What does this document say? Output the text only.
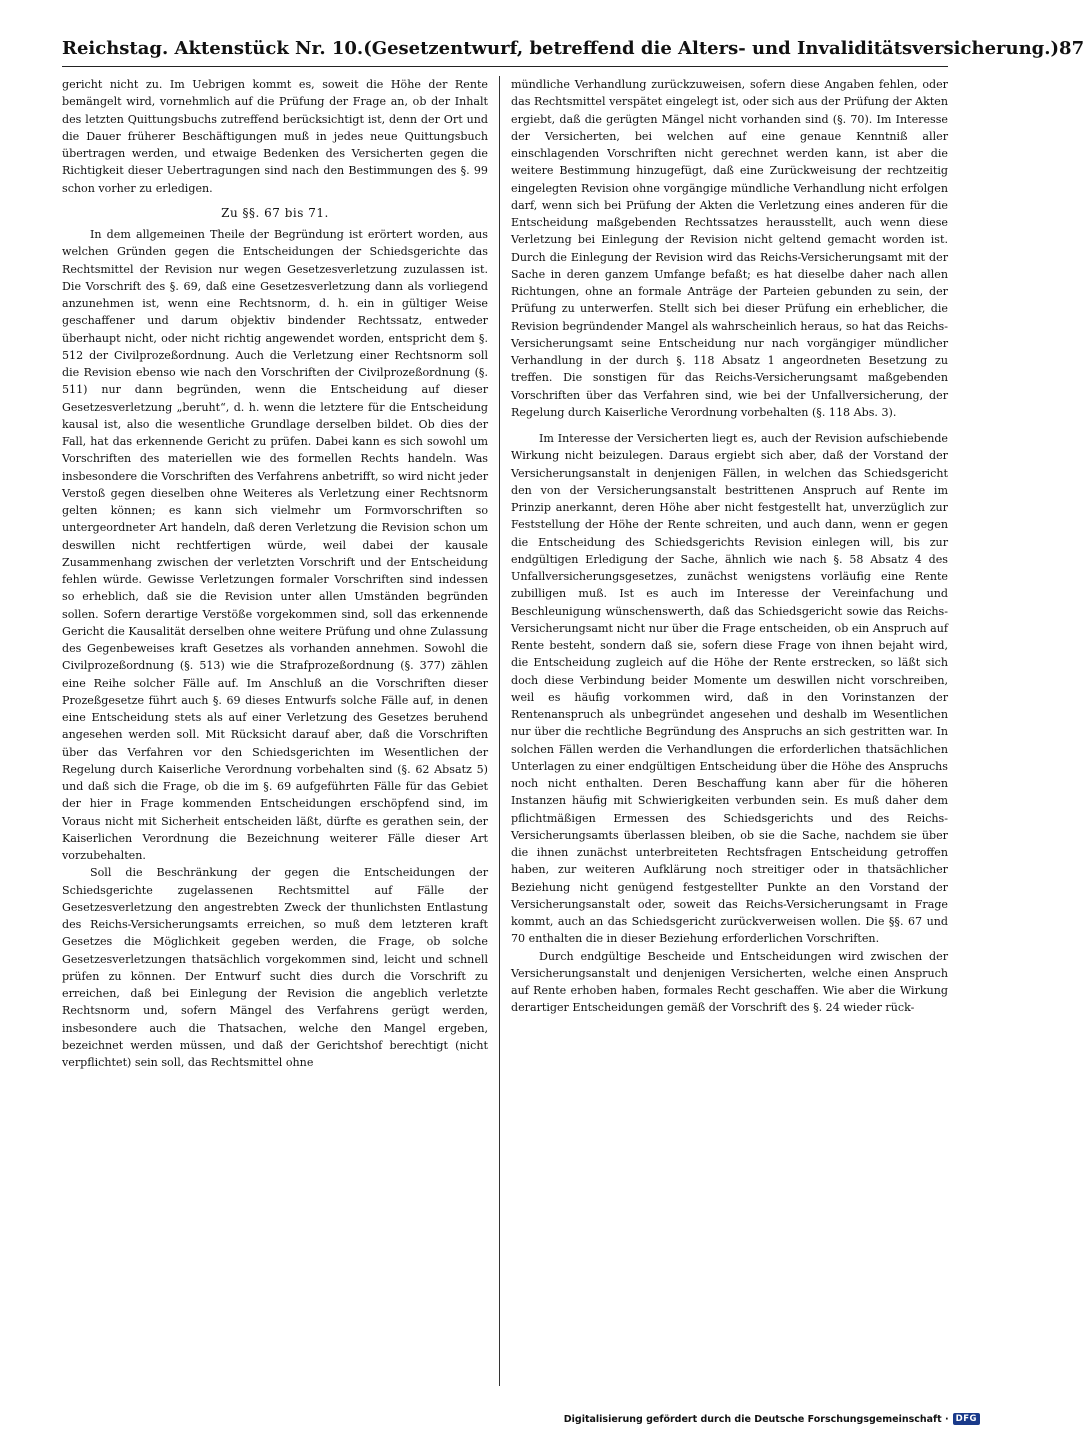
Reichstag. Aktenstück Nr. 10. (Gesetzentwurf, betreffend die Alters- und Invaliditätsversicherung.) 87

gericht nicht zu. Im Uebrigen kommt es, soweit die Höhe der Rente bemängelt wird, vornehmlich auf die Prüfung der Frage an, ob der Inhalt des letzten Quittungsbuchs zutreffend berücksichtigt ist, denn der Ort und die Dauer früherer Beschäftigungen muß in jedes neue Quittungsbuch übertragen werden, und etwaige Bedenken des Versicherten gegen die Richtigkeit dieser Uebertragungen sind nach den Bestimmungen des §. 99 schon vorher zu erledigen.

Zu §§. 67 bis 71.

In dem allgemeinen Theile der Begründung ist erörtert worden, aus welchen Gründen gegen die Entscheidungen der Schiedsgerichte das Rechtsmittel der Revision nur wegen Gesetzesverletzung zuzulassen ist. Die Vorschrift des §. 69, daß eine Gesetzesverletzung dann als vorliegend anzunehmen ist, wenn eine Rechtsnorm, d. h. ein in gültiger Weise geschaffener und darum objektiv bindender Rechtssatz, entweder überhaupt nicht, oder nicht richtig angewendet worden, entspricht dem §. 512 der Civilprozeßordnung. Auch die Verletzung einer Rechtsnorm soll die Revision ebenso wie nach den Vorschriften der Civilprozeßordnung (§. 511) nur dann begründen, wenn die Entscheidung auf dieser Gesetzesverletzung „beruht“, d. h. wenn die letztere für die Entscheidung kausal ist, also die wesentliche Grundlage derselben bildet. Ob dies der Fall, hat das erkennende Gericht zu prüfen. Dabei kann es sich sowohl um Vorschriften des materiellen wie des formellen Rechts handeln. Was insbesondere die Vorschriften des Verfahrens anbetrifft, so wird nicht jeder Verstoß gegen dieselben ohne Weiteres als Verletzung einer Rechtsnorm gelten können; es kann sich vielmehr um Formvorschriften so untergeordneter Art handeln, daß deren Verletzung die Revision schon um deswillen nicht rechtfertigen würde, weil dabei der kausale Zusammenhang zwischen der verletzten Vorschrift und der Entscheidung fehlen würde. Gewisse Verletzungen formaler Vorschriften sind indessen so erheblich, daß sie die Revision unter allen Umständen begründen sollen. Sofern derartige Verstöße vorgekommen sind, soll das erkennende Gericht die Kausalität derselben ohne weitere Prüfung und ohne Zulassung des Gegenbeweises kraft Gesetzes als vorhanden annehmen. Sowohl die Civilprozeßordnung (§. 513) wie die Strafprozeßordnung (§. 377) zählen eine Reihe solcher Fälle auf. Im Anschluß an die Vorschriften dieser Prozeßgesetze führt auch §. 69 dieses Entwurfs solche Fälle auf, in denen eine Entscheidung stets als auf einer Verletzung des Gesetzes beruhend angesehen werden soll. Mit Rücksicht darauf aber, daß die Vorschriften über das Verfahren vor den Schiedsgerichten im Wesentlichen der Regelung durch Kaiserliche Verordnung vorbehalten sind (§. 62 Absatz 5) und daß sich die Frage, ob die im §. 69 aufgeführten Fälle für das Gebiet der hier in Frage kommenden Entscheidungen erschöpfend sind, im Voraus nicht mit Sicherheit entscheiden läßt, dürfte es gerathen sein, der Kaiserlichen Verordnung die Bezeichnung weiterer Fälle dieser Art vorzubehalten.

Soll die Beschränkung der gegen die Entscheidungen der Schiedsgerichte zugelassenen Rechtsmittel auf Fälle der Gesetzesverletzung den angestrebten Zweck der thunlichsten Entlastung des Reichs-Versicherungsamts erreichen, so muß dem letzteren kraft Gesetzes die Möglichkeit gegeben werden, die Frage, ob solche Gesetzesverletzungen thatsächlich vorgekommen sind, leicht und schnell prüfen zu können. Der Entwurf sucht dies durch die Vorschrift zu erreichen, daß bei Einlegung der Revision die angeblich verletzte Rechtsnorm und, sofern Mängel des Verfahrens gerügt werden, insbesondere auch die Thatsachen, welche den Mangel ergeben, bezeichnet werden müssen, und daß der Gerichtshof berechtigt (nicht verpflichtet) sein soll, das Rechtsmittel ohne

mündliche Verhandlung zurückzuweisen, sofern diese Angaben fehlen, oder das Rechtsmittel verspätet eingelegt ist, oder sich aus der Prüfung der Akten ergiebt, daß die gerügten Mängel nicht vorhanden sind (§. 70). Im Interesse der Versicherten, bei welchen auf eine genaue Kenntniß aller einschlagenden Vorschriften nicht gerechnet werden kann, ist aber die weitere Bestimmung hinzugefügt, daß eine Zurückweisung der rechtzeitig eingelegten Revision ohne vorgängige mündliche Verhandlung nicht erfolgen darf, wenn sich bei Prüfung der Akten die Verletzung eines anderen für die Entscheidung maßgebenden Rechtssatzes herausstellt, auch wenn diese Verletzung bei Einlegung der Revision nicht geltend gemacht worden ist. Durch die Einlegung der Revision wird das Reichs-Versicherungsamt mit der Sache in deren ganzem Umfange befaßt; es hat dieselbe daher nach allen Richtungen, ohne an formale Anträge der Parteien gebunden zu sein, der Prüfung zu unterwerfen. Stellt sich bei dieser Prüfung ein erheblicher, die Revision begründender Mangel als wahrscheinlich heraus, so hat das Reichs-Versicherungsamt seine Entscheidung nur nach vorgängiger mündlicher Verhandlung in der durch §. 118 Absatz 1 angeordneten Besetzung zu treffen. Die sonstigen für das Reichs-Versicherungsamt maßgebenden Vorschriften über das Verfahren sind, wie bei der Unfallversicherung, der Regelung durch Kaiserliche Verordnung vorbehalten (§. 118 Abs. 3).

Im Interesse der Versicherten liegt es, auch der Revision aufschiebende Wirkung nicht beizulegen. Daraus ergiebt sich aber, daß der Vorstand der Versicherungsanstalt in denjenigen Fällen, in welchen das Schiedsgericht den von der Versicherungsanstalt bestrittenen Anspruch auf Rente im Prinzip anerkannt, deren Höhe aber nicht festgestellt hat, unverzüglich zur Feststellung der Höhe der Rente schreiten, und auch dann, wenn er gegen die Entscheidung des Schiedsgerichts Revision einlegen will, bis zur endgültigen Erledigung der Sache, ähnlich wie nach §. 58 Absatz 4 des Unfallversicherungsgesetzes, zunächst wenigstens vorläufig eine Rente zubilligen muß. Ist es auch im Interesse der Vereinfachung und Beschleunigung wünschenswerth, daß das Schiedsgericht sowie das Reichs-Versicherungsamt nicht nur über die Frage entscheiden, ob ein Anspruch auf Rente besteht, sondern daß sie, sofern diese Frage von ihnen bejaht wird, die Entscheidung zugleich auf die Höhe der Rente erstrecken, so läßt sich doch diese Verbindung beider Momente um deswillen nicht vorschreiben, weil es häufig vorkommen wird, daß in den Vorinstanzen der Rentenanspruch als unbegründet angesehen und deshalb im Wesentlichen nur über die rechtliche Begründung des Anspruchs an sich gestritten war. In solchen Fällen werden die Verhandlungen die erforderlichen thatsächlichen Unterlagen zu einer endgültigen Entscheidung über die Höhe des Anspruchs noch nicht enthalten. Deren Beschaffung kann aber für die höheren Instanzen häufig mit Schwierigkeiten verbunden sein. Es muß daher dem pflichtmäßigen Ermessen des Schiedsgerichts und des Reichs-Versicherungsamts überlassen bleiben, ob sie die Sache, nachdem sie über die ihnen zunächst unterbreiteten Rechtsfragen Entscheidung getroffen haben, zur weiteren Aufklärung noch streitiger oder in thatsächlicher Beziehung nicht genügend festgestellter Punkte an den Vorstand der Versicherungsanstalt oder, soweit das Reichs-Versicherungsamt in Frage kommt, auch an das Schiedsgericht zurückverweisen wollen. Die §§. 67 und 70 enthalten die in dieser Beziehung erforderlichen Vorschriften.

Durch endgültige Bescheide und Entscheidungen wird zwischen der Versicherungsanstalt und denjenigen Versicherten, welche einen Anspruch auf Rente erhoben haben, formales Recht geschaffen. Wie aber die Wirkung derartiger Entscheidungen gemäß der Vorschrift des §. 24 wieder rück-

Digitalisierung gefördert durch die Deutsche Forschungsgemeinschaft · DFG
